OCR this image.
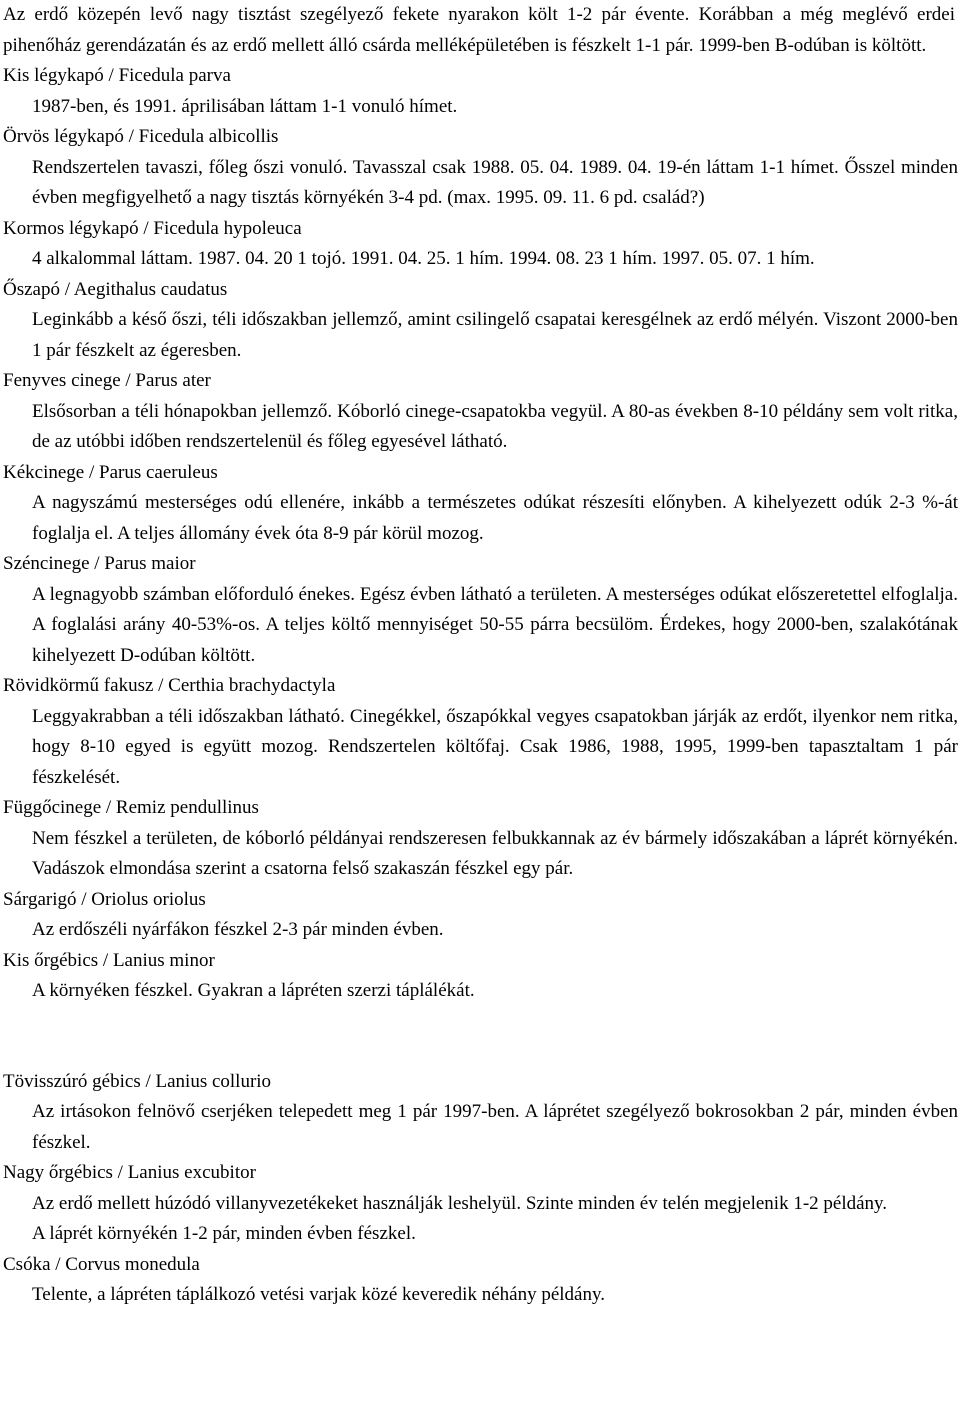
Az erdő közepén levő nagy tisztást szegélyező fekete nyarakon költ 1-2 pár évente. Korábban a még meglévő erdei pihenőház gerendázatán és az erdő mellett álló csárda melléképületében is fészkelt 1-1 pár. 1999-ben B-odúban is költött.

Kis légykapó / Ficedula parva

1987-ben, és 1991. áprilisában láttam 1-1 vonuló hímet.

Örvös légykapó / Ficedula albicollis

Rendszertelen tavaszi, főleg őszi vonuló. Tavasszal csak 1988. 05. 04. 1989. 04. 19-én láttam 1-1 hímet. Ősszel minden évben megfigyelhető a nagy tisztás környékén 3-4 pd. (max. 1995. 09. 11. 6 pd. család?)

Kormos légykapó / Ficedula hypoleuca

4 alkalommal láttam. 1987. 04. 20 1 tojó. 1991. 04. 25. 1 hím. 1994. 08. 23 1 hím. 1997. 05. 07. 1 hím.

Őszapó / Aegithalus caudatus

Leginkább a késő őszi, téli időszakban jellemző, amint csilingelő csapatai keresgélnek az erdő mélyén. Viszont 2000-ben 1 pár fészkelt az égeresben.

Fenyves cinege / Parus ater

Elsősorban a téli hónapokban jellemző. Kóborló cinege-csapatokba vegyül. A 80-as években 8-10 példány sem volt ritka, de az utóbbi időben rendszertelenül és főleg egyesével látható.

Kékcinege / Parus caeruleus

A nagyszámú mesterséges odú ellenére, inkább a természetes odúkat részesíti előnyben. A kihelyezett odúk 2-3 %-át foglalja el. A teljes állomány évek óta 8-9 pár körül mozog.

Széncinege / Parus maior

A legnagyobb számban előforduló énekes. Egész évben látható a területen. A mesterséges odúkat előszeretettel elfoglalja. A foglalási arány 40-53%-os. A teljes költő mennyiséget 50-55 párra becsülöm. Érdekes, hogy 2000-ben, szalakótának kihelyezett D-odúban költött.

Rövidkörmű fakusz / Certhia brachydactyla

Leggyakrabban a téli időszakban látható. Cinegékkel, őszapókkal vegyes csapatokban járják az erdőt, ilyenkor nem ritka, hogy 8-10 egyed is együtt mozog. Rendszertelen költőfaj. Csak 1986, 1988, 1995, 1999-ben tapasztaltam 1 pár fészkelését.

Függőcinege / Remiz pendullinus

Nem fészkel a területen, de kóborló példányai rendszeresen felbukkannak az év bármely időszakában a láprét környékén. Vadászok elmondása szerint a csatorna felső szakaszán fészkel egy pár.

Sárgarigó / Oriolus oriolus

Az erdőszéli nyárfákon fészkel 2-3 pár minden évben.

Kis őrgébics / Lanius minor

A környéken fészkel. Gyakran a lápréten szerzi táplálékát.

Tövisszúró gébics / Lanius collurio

Az irtásokon felnövő cserjéken telepedett meg 1 pár 1997-ben. A láprétet szegélyező bokrosokban 2 pár, minden évben fészkel.

Nagy őrgébics / Lanius excubitor

Az erdő mellett húzódó villanyvezetékeket használják leshelyül. Szinte minden év telén megjelenik 1-2 példány.

A láprét környékén 1-2 pár, minden évben fészkel.

Csóka / Corvus monedula

Telente, a lápréten táplálkozó vetési varjak közé keveredik néhány példány.
